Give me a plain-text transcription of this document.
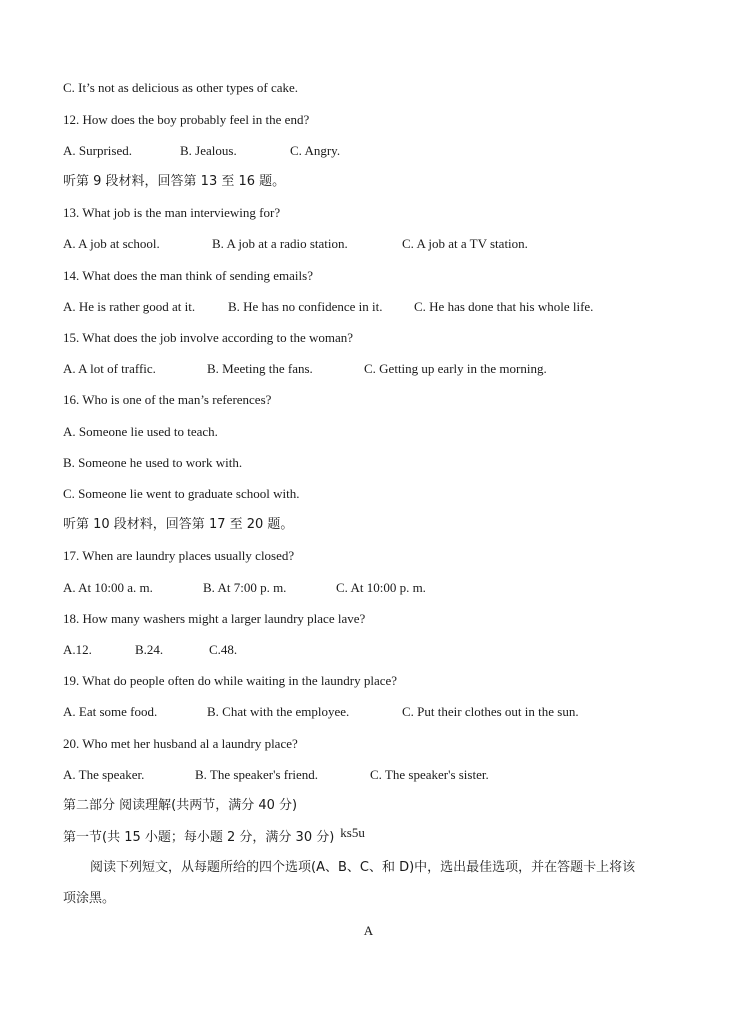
C. It’s not as delicious as other types of cake.
12. How does the boy probably feel in the end?
A. Surprised.	B. Jealous.	C. Angry.
听第 9 段材料，回答第 13 至 16 题。
13. What job is the man interviewing for?
A. A job at school.	B. A job at a radio station.	C. A job at a TV station.
14. What does the man think of sending emails?
A. He is rather good at it.	B. He has no confidence in it. C. He has done that his whole life.
15. What does the job involve according to the woman?
A. A lot of traffic.	B. Meeting the fans.	C. Getting up early in the morning.
16. Who is one of the man’s references?
A. Someone lie used to teach.
B. Someone he used to work with.
C. Someone lie went to graduate school with.
听第 10 段材料，回答第 17 至 20 题。
17. When are laundry places usually closed?
A. At 10:00 a. m.	B. At 7:00 p. m.	C. At 10:00 p. m.
18. How many washers might a larger laundry place lave?
A.12.	B.24.	C.48.
19. What do people often do while waiting in the laundry place?
A. Eat some food.	B. Chat with the employee.	C. Put their clothes out in the sun.
20. Who met her husband al a laundry place?
A. The speaker.	B. The speaker's friend.	C. The speaker's sister.
第二部分 阅读理解(共两节，满分 40 分)
第一节(共 15 小题；每小题 2 分，满分 30 分) ks5u
阅读下列短文，从每题所给的四个选项(A、B、C、和 D)中，选出最佳选项，并在答题卡上将该
项涂黑。
A
